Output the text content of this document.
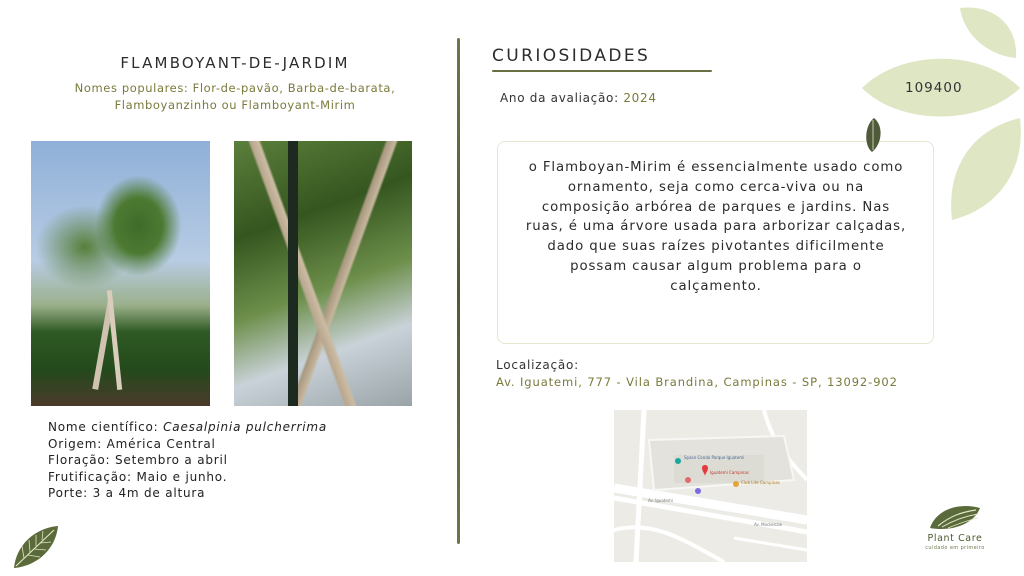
FLAMBOYANT-DE-JARDIM
Nomes populares: Flor-de-pavão, Barba-de-barata,
Flamboyanzinho ou Flamboyant-Mirim
Nome científico: Caesalpinia pulcherrima
Origem: América Central
Floração: Setembro a abril
Frutificação: Maio e junho.
Porte: 3 a 4m de altura
CURIOSIDADES
Ano da avaliação: 2024
o Flamboyan-Mirim é essencialmente usado como
ornamento, seja como cerca-viva ou na
composição arbórea de parques e jardins. Nas
ruas, é uma árvore usada para arborizar calçadas,
dado que suas raízes pivotantes dificilmente
possam causar algum problema para o
calçamento.
Localização:
Av. Iguatemi, 777 - Vila Brandina, Campinas - SP, 13092-902
Space Condo Parque Iguatemi
Iguatemi Campinas
Club Lite Campinas
Av. Iguatemi
Av. Mackenzie
109400
Plant Care
cuidado em primeiro
